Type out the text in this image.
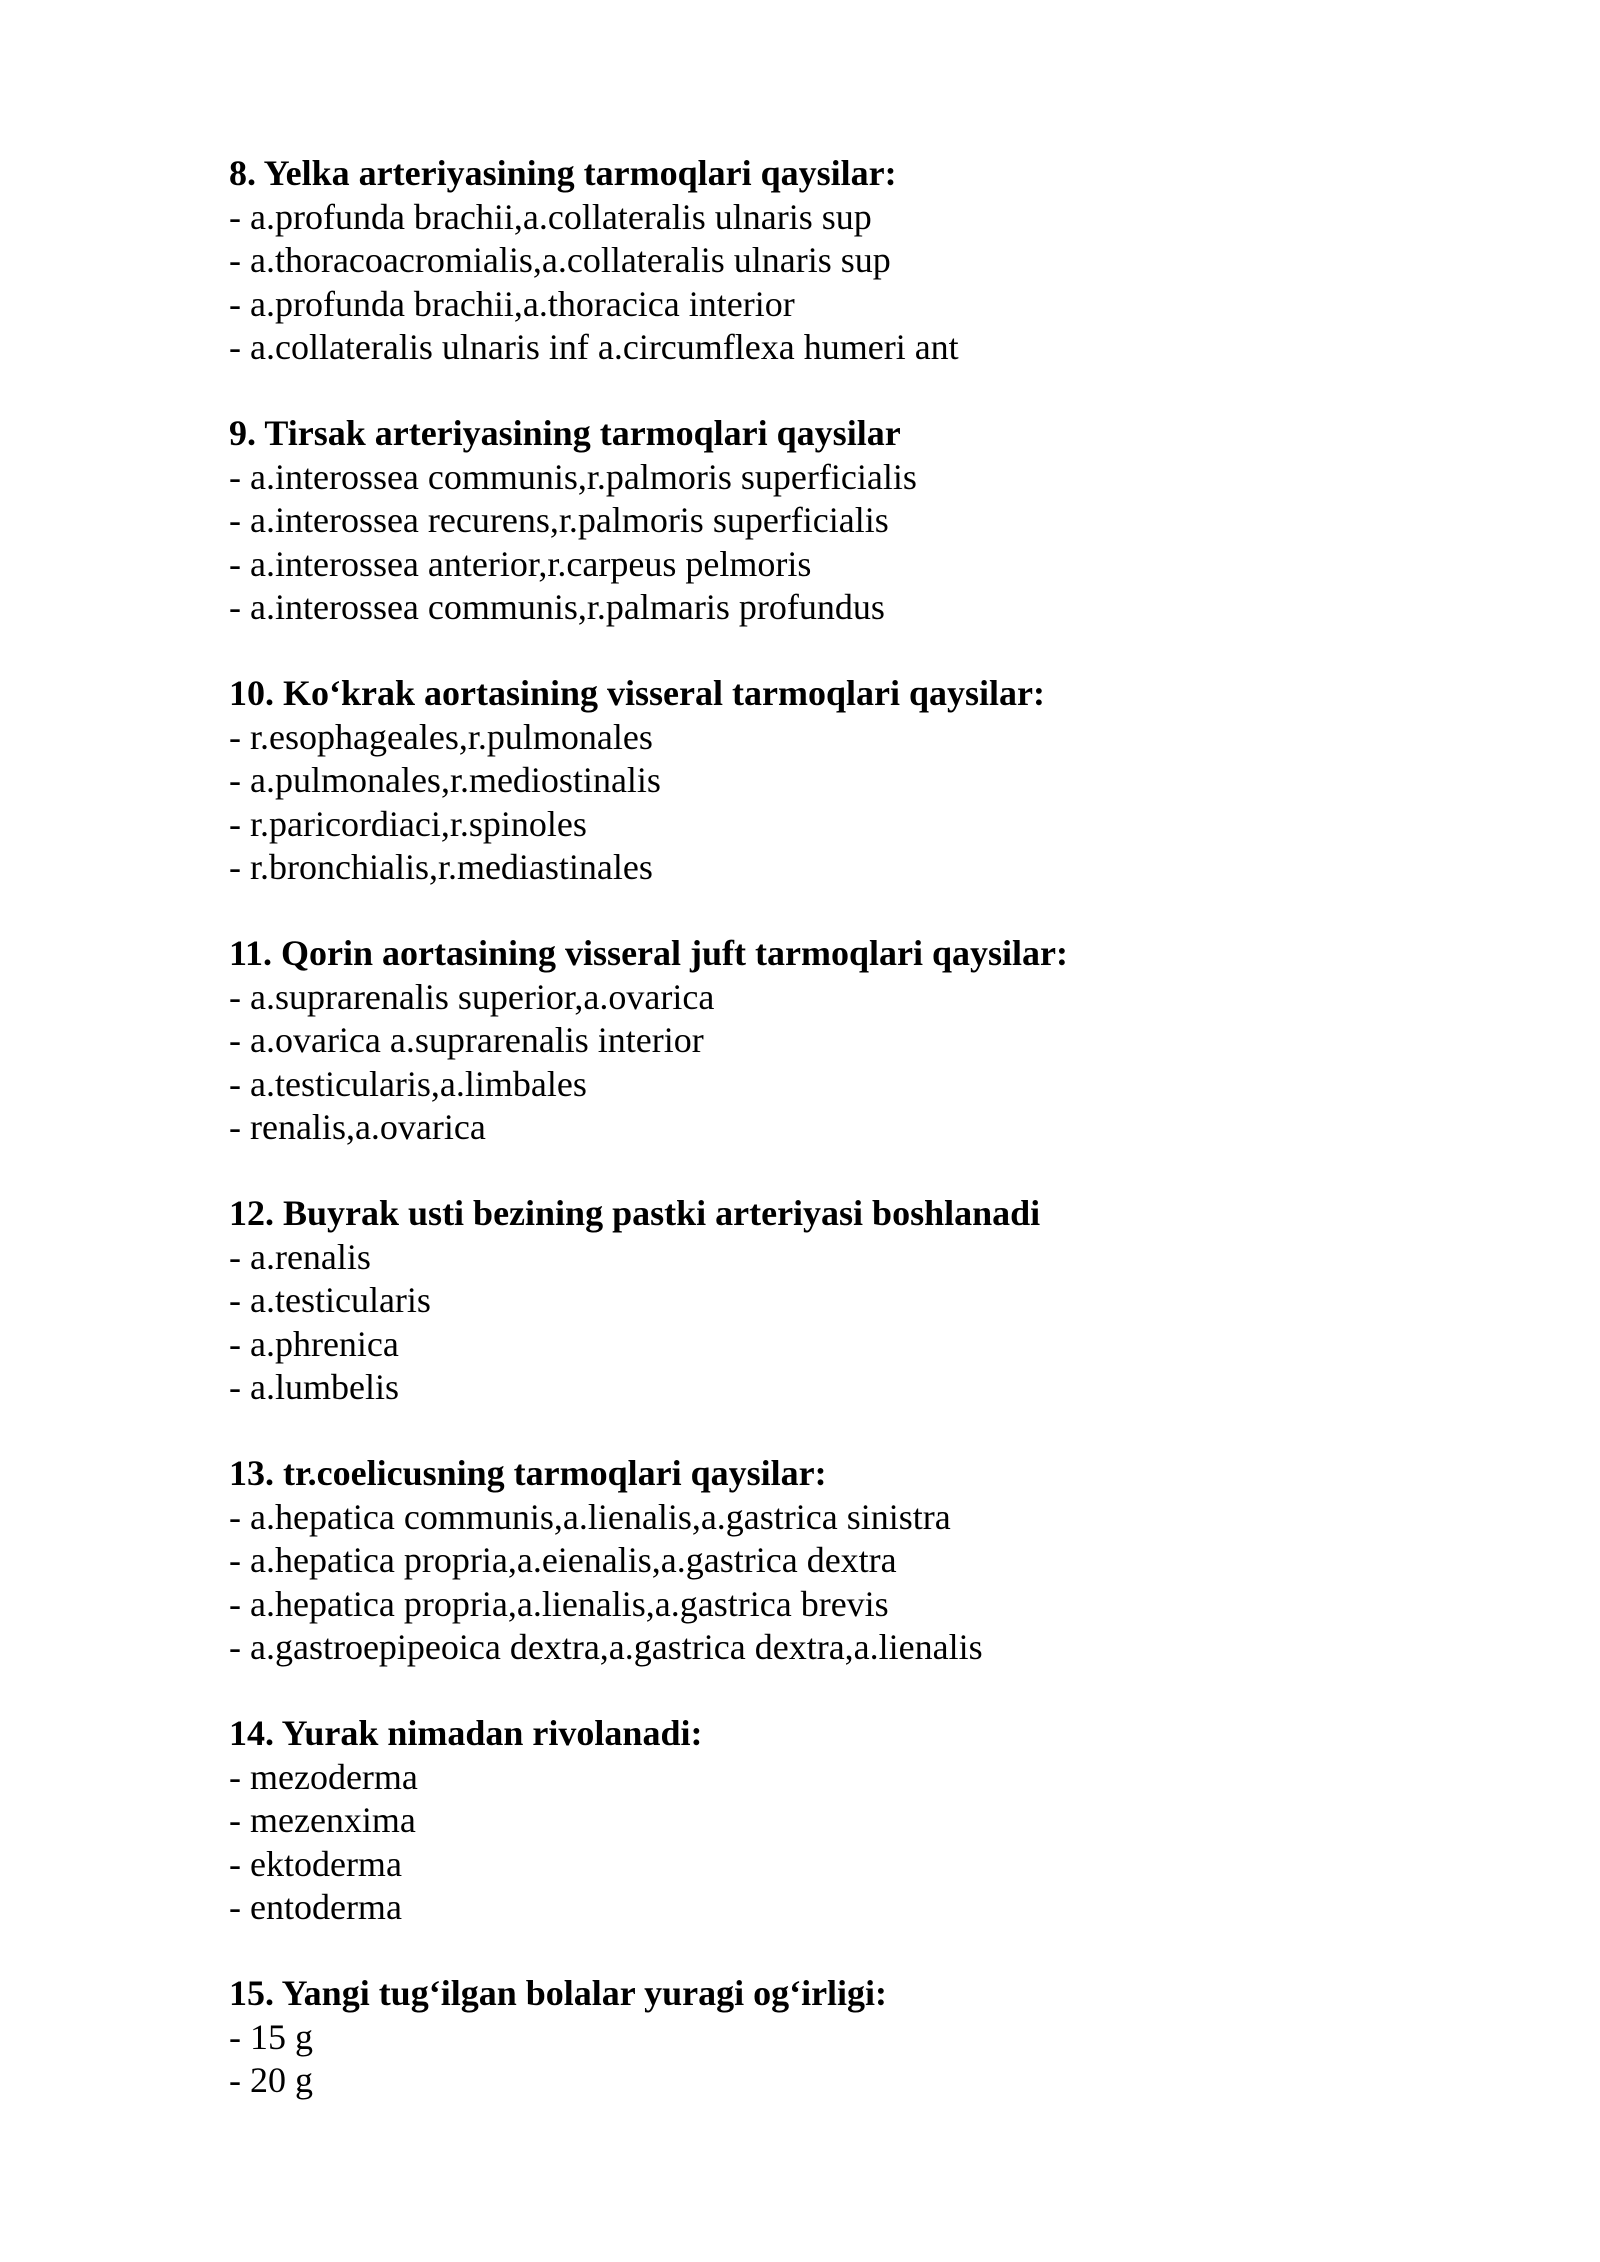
8. Yelka arteriyasining tarmoqlari qaysilar:
- a.profunda brachii,a.collateralis ulnaris sup
- a.thoracoacromialis,a.collateralis ulnaris sup
- a.profunda brachii,a.thoracica interior
- a.collateralis ulnaris inf a.circumflexa humeri ant
9. Tirsak arteriyasining tarmoqlari qaysilar
- a.interossea communis,r.palmoris superficialis
- a.interossea recurens,r.palmoris superficialis
- a.interossea anterior,r.carpeus pelmoris
- a.interossea communis,r.palmaris profundus
10. Ko‘krak aortasining visseral tarmoqlari qaysilar:
- r.esophageales,r.pulmonales
- a.pulmonales,r.mediostinalis
- r.paricordiaci,r.spinoles
- r.bronchialis,r.mediastinales
11. Qorin aortasining visseral juft tarmoqlari qaysilar:
- a.suprarenalis superior,a.ovarica
- a.ovarica a.suprarenalis interior
- a.testicularis,a.limbales
- renalis,a.ovarica
12. Buyrak usti bezining pastki arteriyasi boshlanadi
- a.renalis
- a.testicularis
- a.phrenica
- a.lumbelis
13. tr.coelicusning tarmoqlari qaysilar:
- a.hepatica communis,a.lienalis,a.gastrica sinistra
- a.hepatica propria,a.eienalis,a.gastrica dextra
- a.hepatica propria,a.lienalis,a.gastrica brevis
- a.gastroepipeoica dextra,a.gastrica dextra,a.lienalis
14. Yurak nimadan rivolanadi:
- mezoderma
- mezenxima
- ektoderma
- entoderma
15. Yangi tug‘ilgan bolalar yuragi og‘irligi:
- 15 g
- 20 g
